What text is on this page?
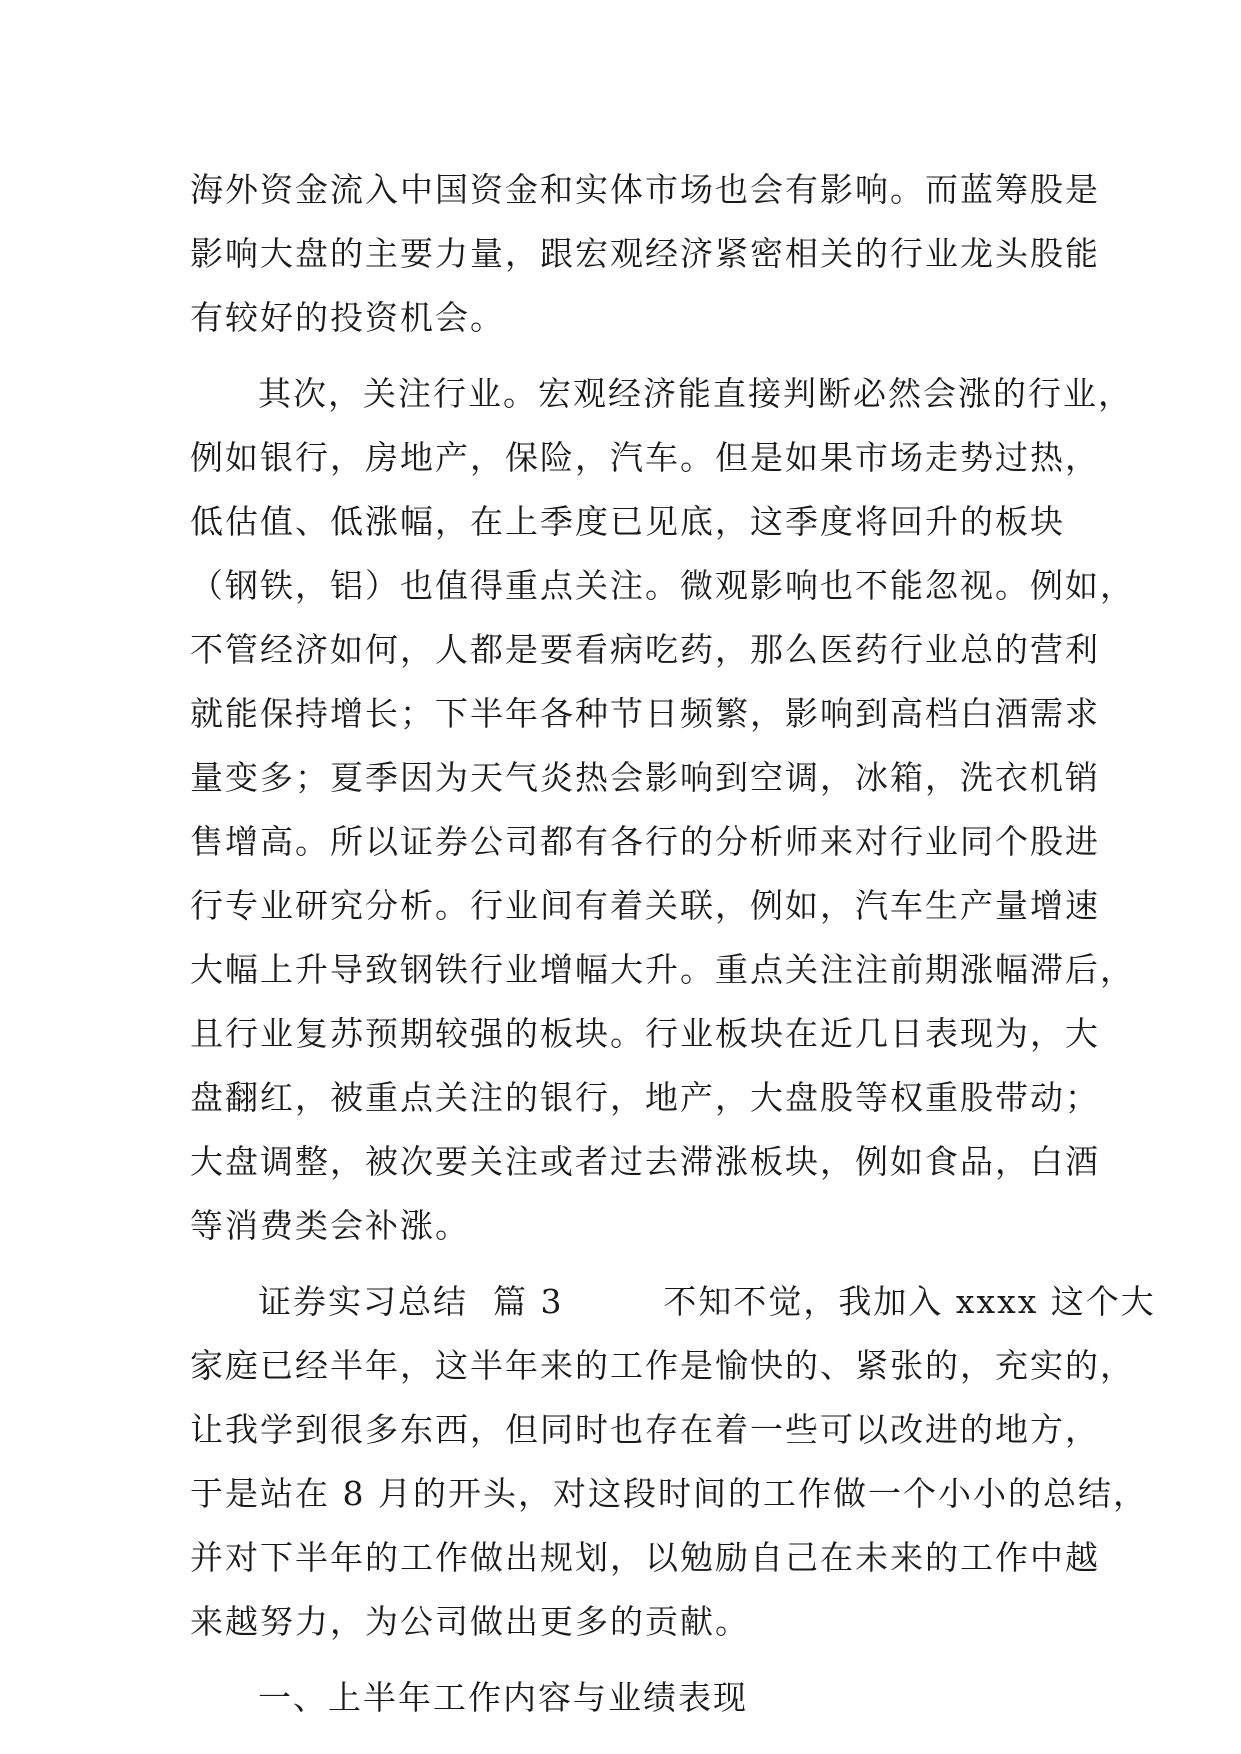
海外资金流入中国资金和实体市场也会有影响。而蓝筹股是
影响大盘的主要力量，跟宏观经济紧密相关的行业龙头股能
有较好的投资机会。
其次，关注行业。宏观经济能直接判断必然会涨的行业，
例如银行，房地产，保险，汽车。但是如果市场走势过热，
低估值、低涨幅，在上季度已见底，这季度将回升的板块
（钢铁，铝）也值得重点关注。微观影响也不能忽视。例如，
不管经济如何，人都是要看病吃药，那么医药行业总的营利
就能保持增长；下半年各种节日频繁，影响到高档白酒需求
量变多；夏季因为天气炎热会影响到空调，冰箱，洗衣机销
售增高。所以证券公司都有各行的分析师来对行业同个股进
行专业研究分析。行业间有着关联，例如，汽车生产量增速
大幅上升导致钢铁行业增幅大升。重点关注注前期涨幅滞后，
且行业复苏预期较强的板块。行业板块在近几日表现为，大
盘翻红，被重点关注的银行，地产，大盘股等权重股带动；
大盘调整，被次要关注或者过去滞涨板块，例如食品，白酒
等消费类会补涨。
证券实习总结  篇 3        不知不觉，我加入 xxxx 这个大
家庭已经半年，这半年来的工作是愉快的、紧张的，充实的，
让我学到很多东西，但同时也存在着一些可以改进的地方，
于是站在 8 月的开头，对这段时间的工作做一个小小的总结，
并对下半年的工作做出规划，以勉励自己在未来的工作中越
来越努力，为公司做出更多的贡献。
一、上半年工作内容与业绩表现
